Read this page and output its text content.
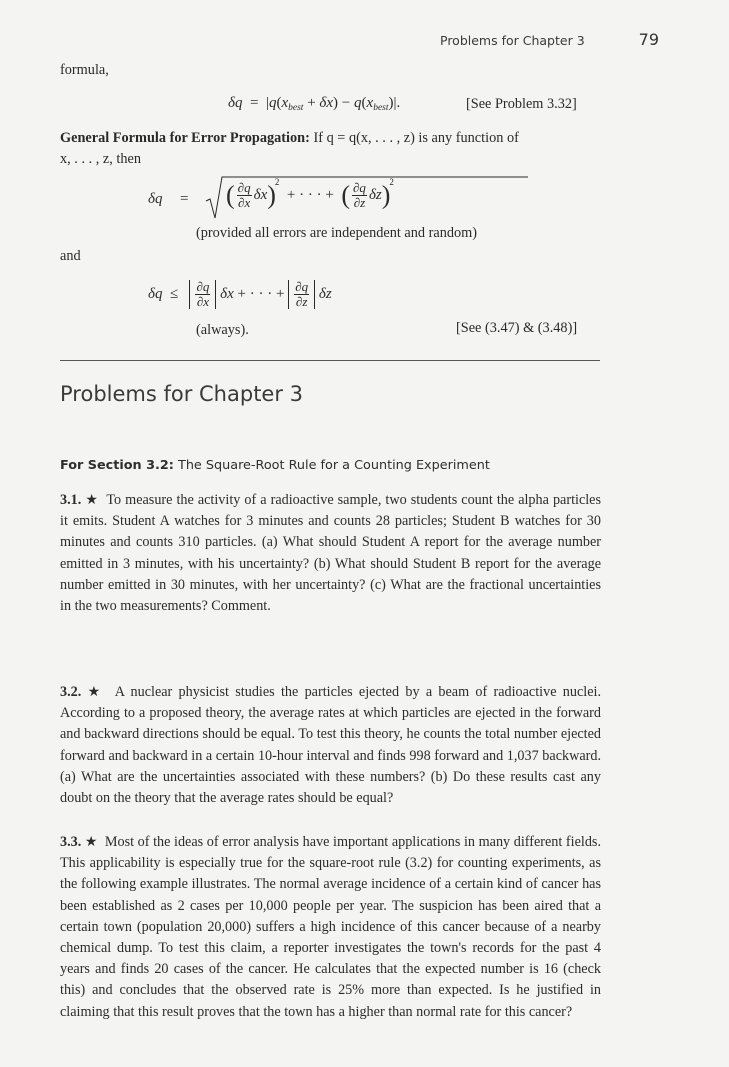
Problems for Chapter 3	79
formula,
$\delta q = |q(x_{best} + \delta x) - q(x_{best})|$.	[See Problem 3.32]
General Formula for Error Propagation: If q = q(x, . . . , z) is any function of
x, . . . , z, then
δq = ( $\frac{\partial q}{\partial x} \delta x)^2$  + · · · +  ( $\frac{\partial q}{\partial z} \delta z)^2$
(provided all errors are independent and random)
and
$\delta q \le \frac{\partial q}{\partial x}$ δx + · · · + $\frac{\partial q}{\partial z}$ δz
(always).	[See (3.47) & (3.48)]
Problems for Chapter 3
For Section 3.2: The Square-Root Rule for a Counting Experiment
3.1. ★ To measure the activity of a radioactive sample, two students count the alpha particles it emits. Student A watches for 3 minutes and counts 28 particles; Student B watches for 30 minutes and counts 310 particles. (a) What should Student A report for the average number emitted in 3 minutes, with his uncertainty? (b) What should Student B report for the average number emitted in 30 minutes, with her uncertainty? (c) What are the fractional uncertainties in the two measurements? Comment.
3.2. ★ A nuclear physicist studies the particles ejected by a beam of radioactive nuclei. According to a proposed theory, the average rates at which particles are ejected in the forward and backward directions should be equal. To test this theory, he counts the total number ejected forward and backward in a certain 10-hour interval and finds 998 forward and 1,037 backward. (a) What are the uncertainties associated with these numbers? (b) Do these results cast any doubt on the theory that the average rates should be equal?
3.3. ★ Most of the ideas of error analysis have important applications in many different fields. This applicability is especially true for the square-root rule (3.2) for counting experiments, as the following example illustrates. The normal average incidence of a certain kind of cancer has been established as 2 cases per 10,000 people per year. The suspicion has been aired that a certain town (population 20,000) suffers a high incidence of this cancer because of a nearby chemical dump. To test this claim, a reporter investigates the town's records for the past 4 years and finds 20 cases of the cancer. He calculates that the expected number is 16 (check this) and concludes that the observed rate is 25% more than expected. Is he justified in claiming that this result proves that the town has a higher than normal rate for this cancer?
